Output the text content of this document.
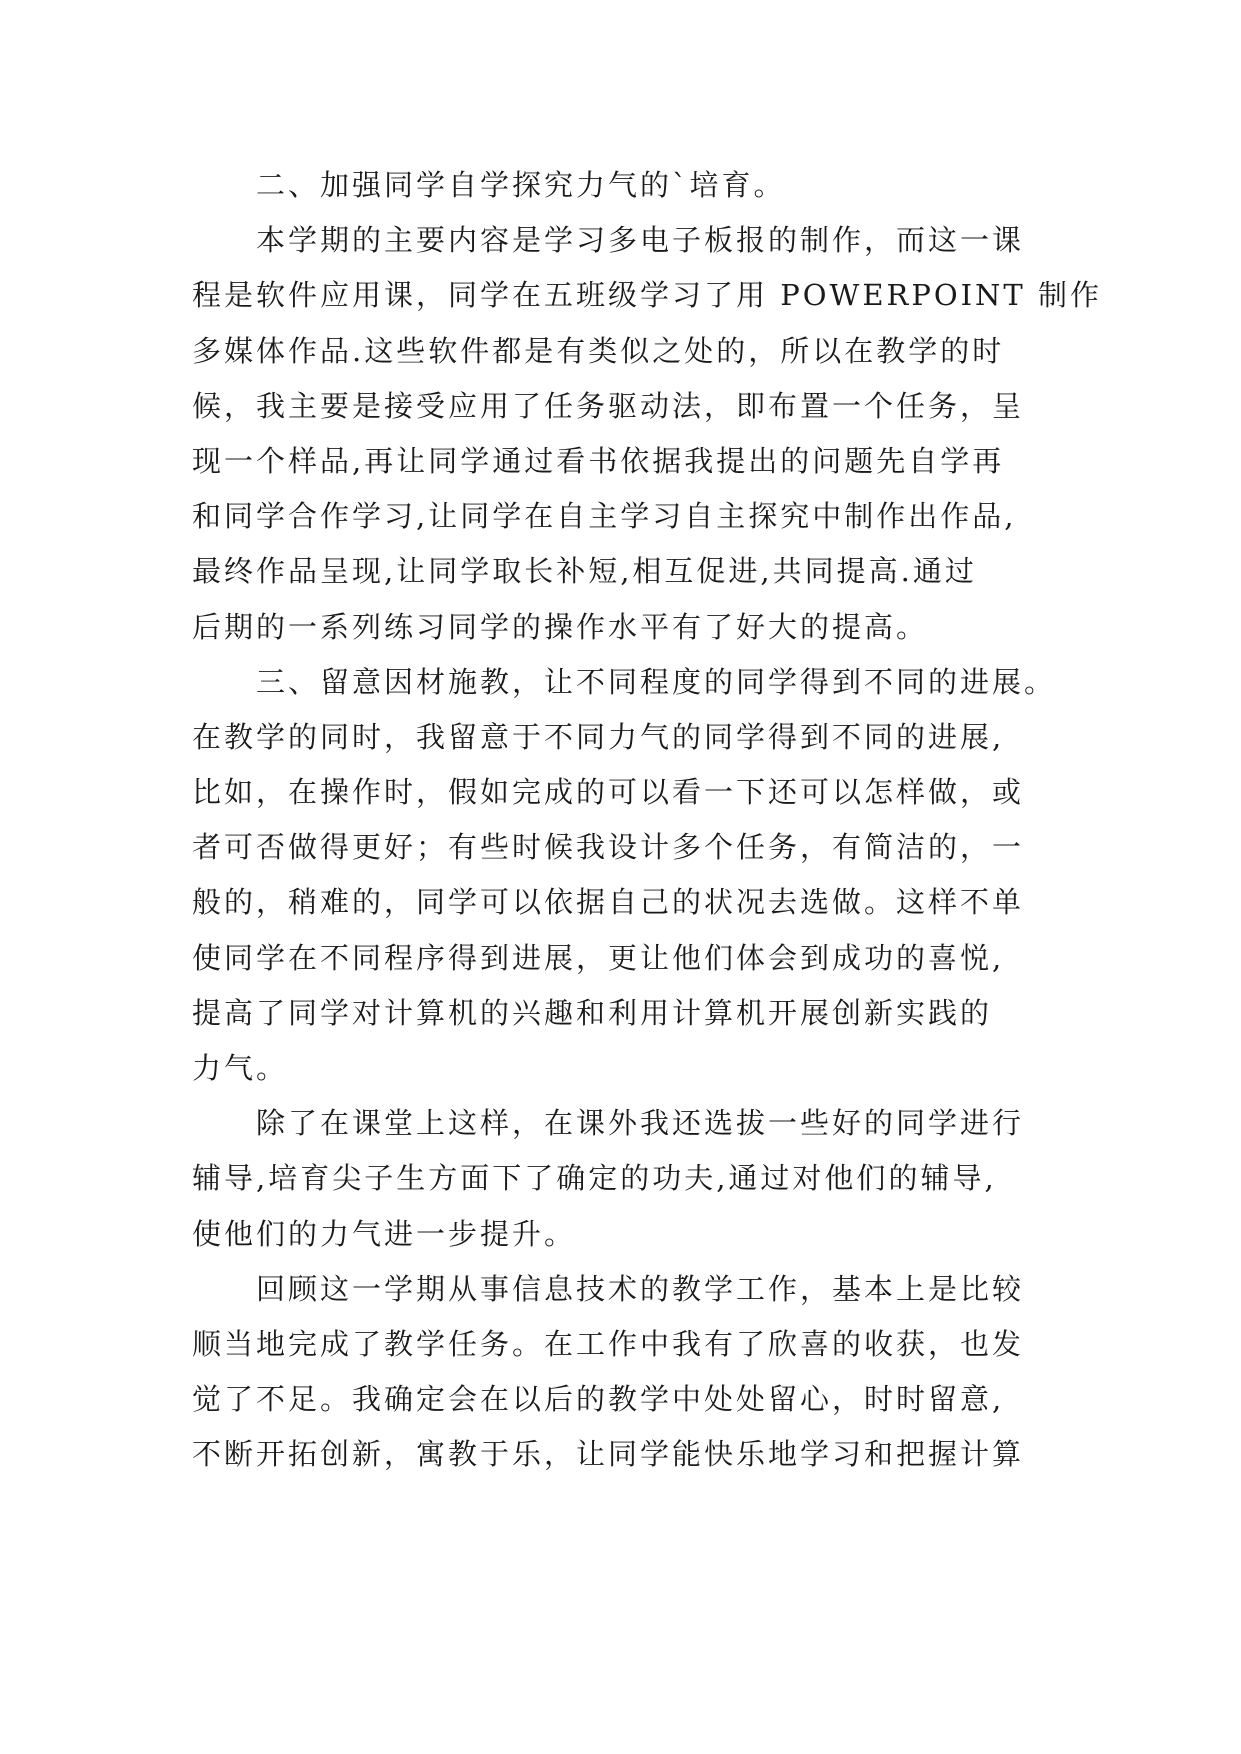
二、加强同学自学探究力气的`培育。
本学期的主要内容是学习多电子板报的制作，而这一课
程是软件应用课，同学在五班级学习了用 POWERPOINT 制作
多媒体作品.这些软件都是有类似之处的，所以在教学的时
候，我主要是接受应用了任务驱动法，即布置一个任务，呈
现一个样品,再让同学通过看书依据我提出的问题先自学再
和同学合作学习,让同学在自主学习自主探究中制作出作品,
最终作品呈现,让同学取长补短,相互促进,共同提高.通过
后期的一系列练习同学的操作水平有了好大的提高。
三、留意因材施教，让不同程度的同学得到不同的进展。
在教学的同时，我留意于不同力气的同学得到不同的进展,
比如，在操作时，假如完成的可以看一下还可以怎样做，或
者可否做得更好；有些时候我设计多个任务，有简洁的，一
般的，稍难的，同学可以依据自己的状况去选做。这样不单
使同学在不同程序得到进展，更让他们体会到成功的喜悦,
提高了同学对计算机的兴趣和利用计算机开展创新实践的
力气。
除了在课堂上这样，在课外我还选拔一些好的同学进行
辅导,培育尖子生方面下了确定的功夫,通过对他们的辅导,
使他们的力气进一步提升。
回顾这一学期从事信息技术的教学工作，基本上是比较
顺当地完成了教学任务。在工作中我有了欣喜的收获，也发
觉了不足。我确定会在以后的教学中处处留心，时时留意,
不断开拓创新，寓教于乐，让同学能快乐地学习和把握计算
